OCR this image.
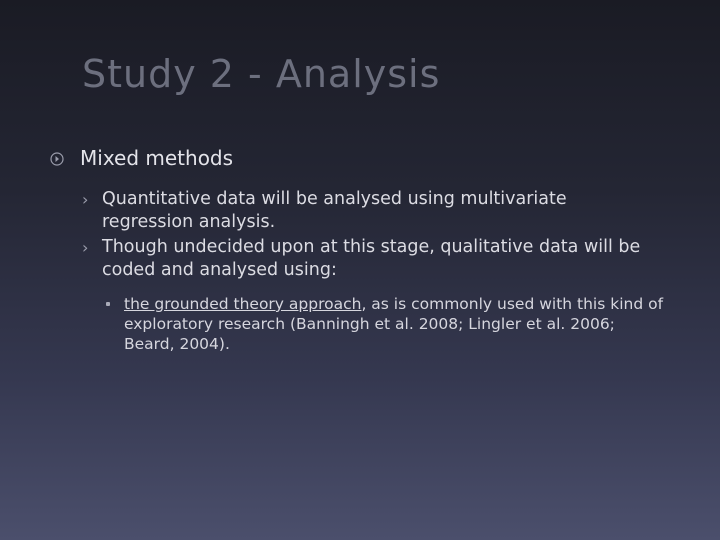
Study 2 - Analysis
Mixed methods
› Quantitative data will be analysed using multivariate regression analysis.
› Though undecided upon at this stage, qualitative data will be coded and analysed using:
the grounded theory approach, as is commonly used with this kind of exploratory research (Banningh et al. 2008; Lingler et al. 2006; Beard, 2004).
